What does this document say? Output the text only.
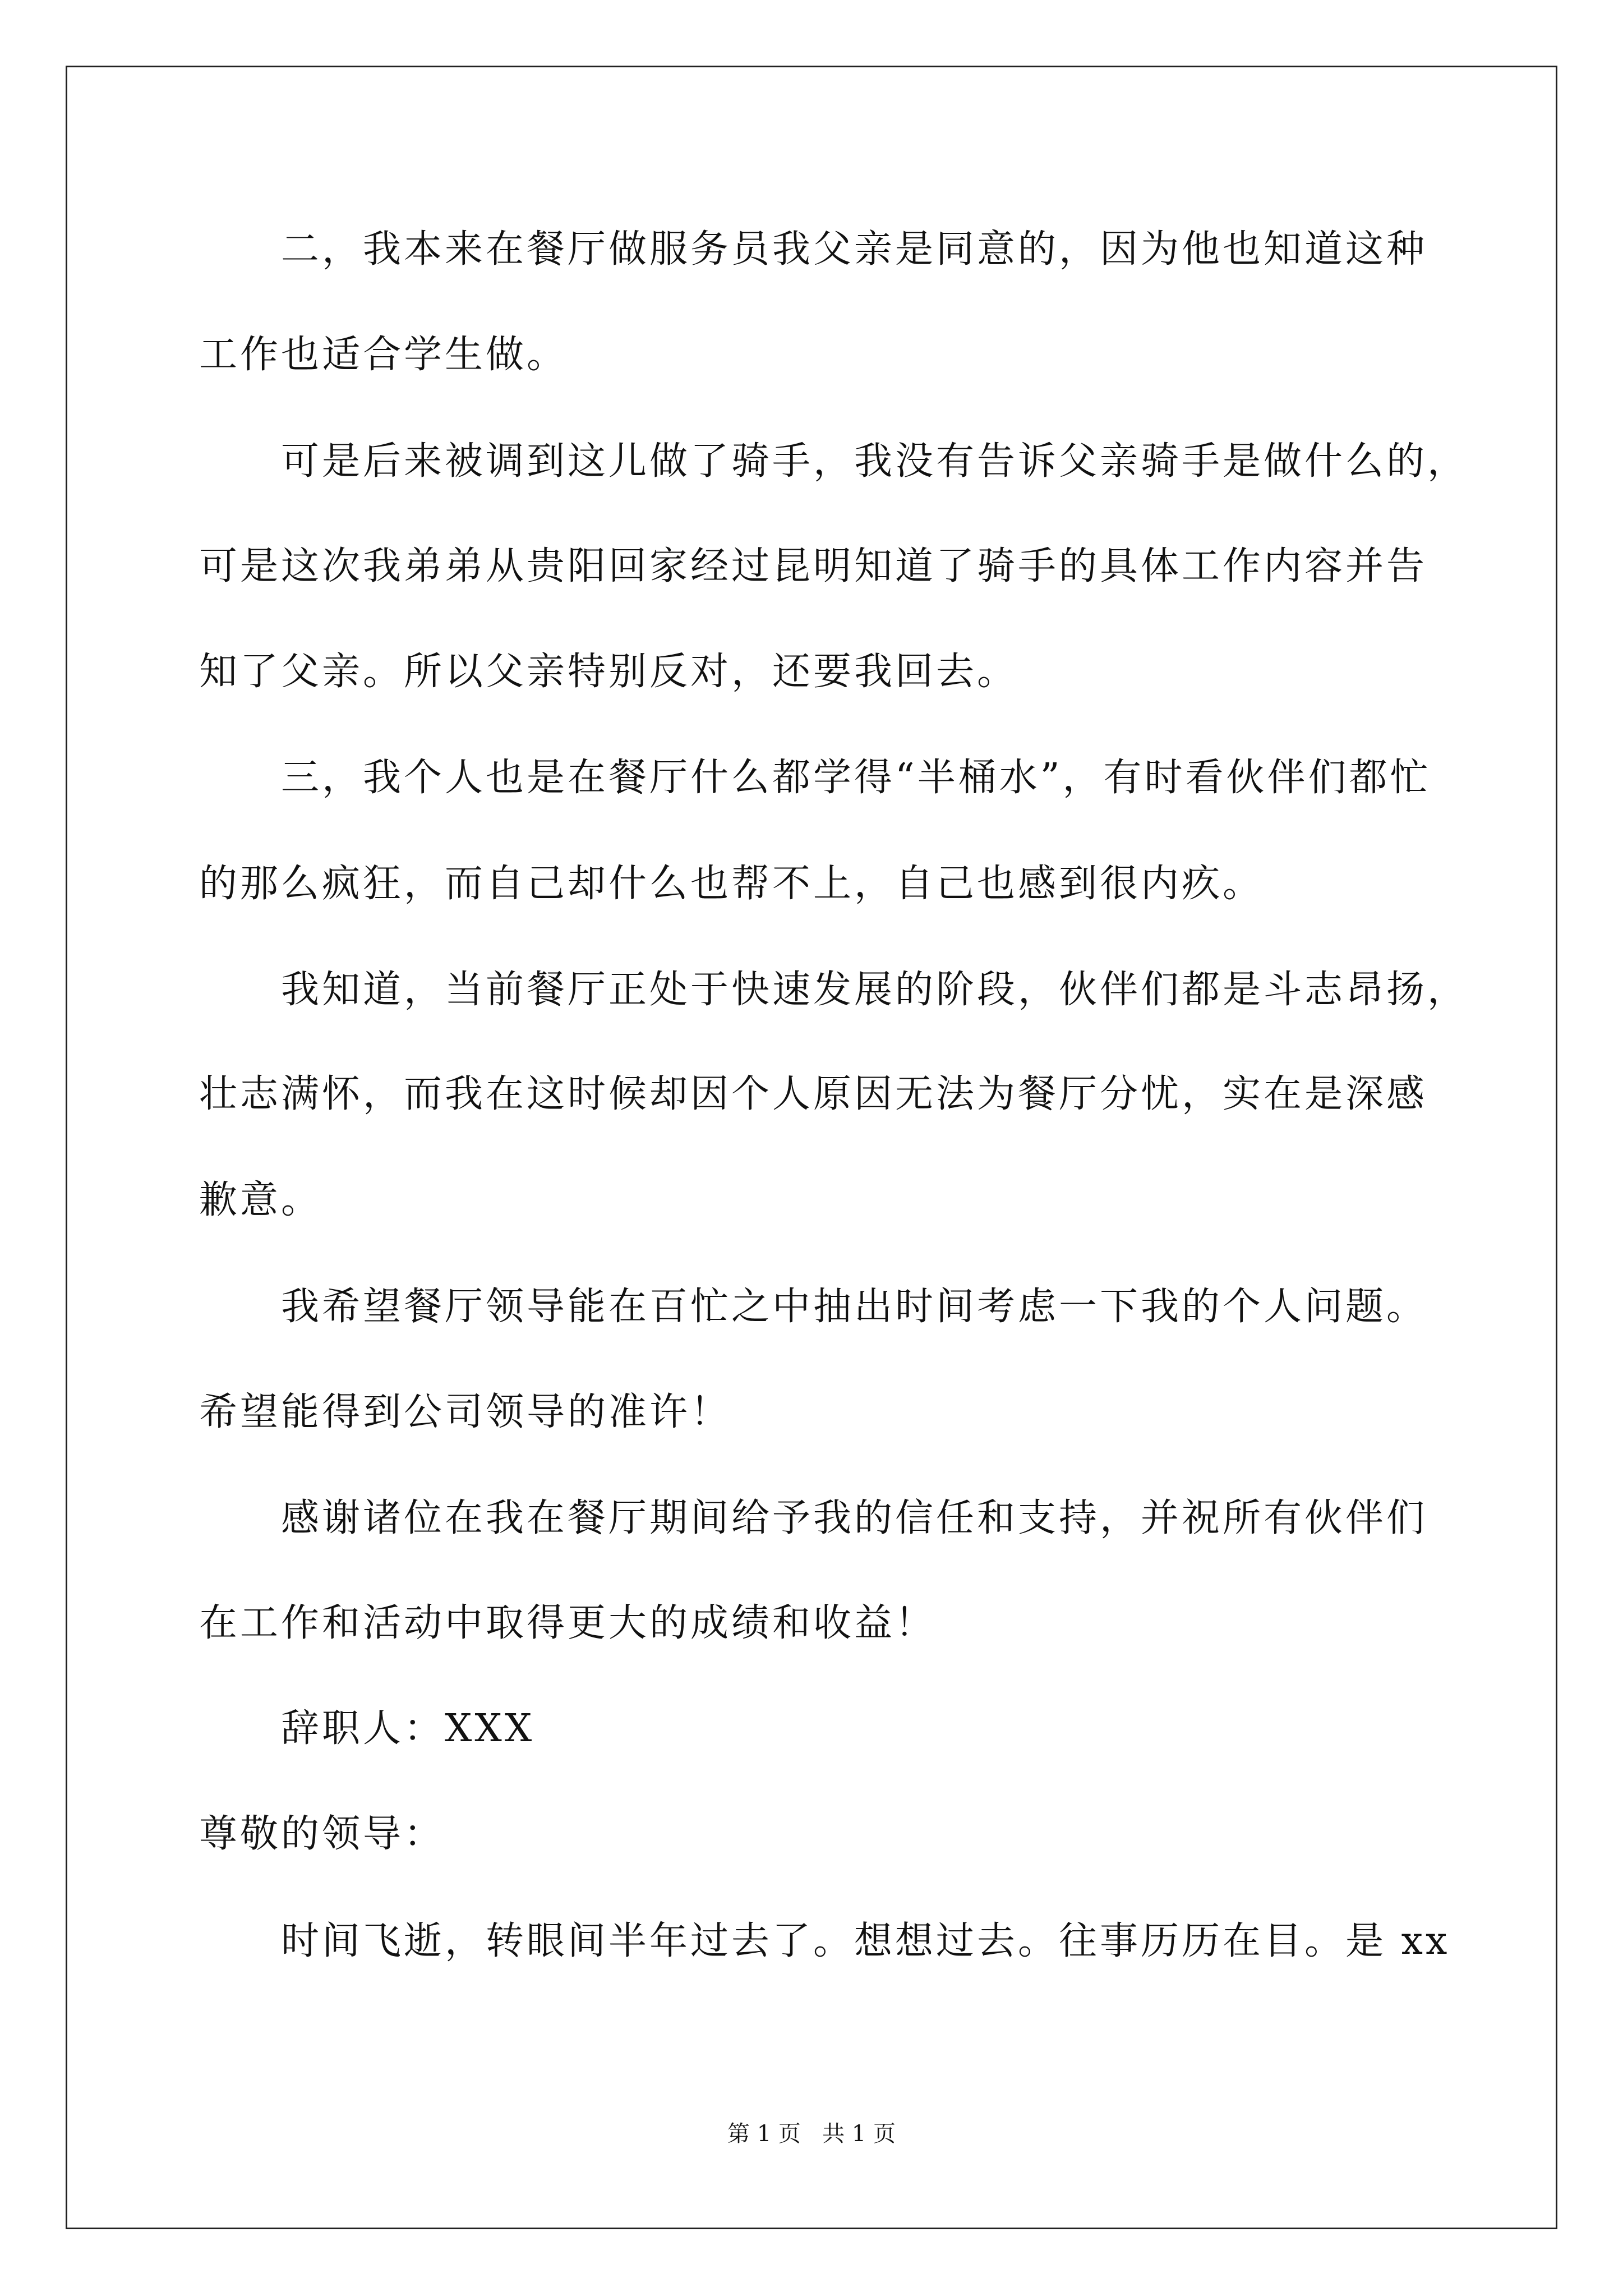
二，我本来在餐厅做服务员我父亲是同意的，因为他也知道这种
工作也适合学生做。
可是后来被调到这儿做了骑手，我没有告诉父亲骑手是做什么的，
可是这次我弟弟从贵阳回家经过昆明知道了骑手的具体工作内容并告
知了父亲。所以父亲特别反对，还要我回去。
三，我个人也是在餐厅什么都学得“半桶水”，有时看伙伴们都忙
的那么疯狂，而自己却什么也帮不上，自己也感到很内疚。
我知道，当前餐厅正处于快速发展的阶段，伙伴们都是斗志昂扬，
壮志满怀，而我在这时候却因个人原因无法为餐厅分忧，实在是深感
歉意。
我希望餐厅领导能在百忙之中抽出时间考虑一下我的个人问题。
希望能得到公司领导的准许！
感谢诸位在我在餐厅期间给予我的信任和支持，并祝所有伙伴们
在工作和活动中取得更大的成绩和收益！
辞职人：XXX
尊敬的领导：
时间飞逝，转眼间半年过去了。想想过去。往事历历在目。是 xx
第 1 页   共 1 页
